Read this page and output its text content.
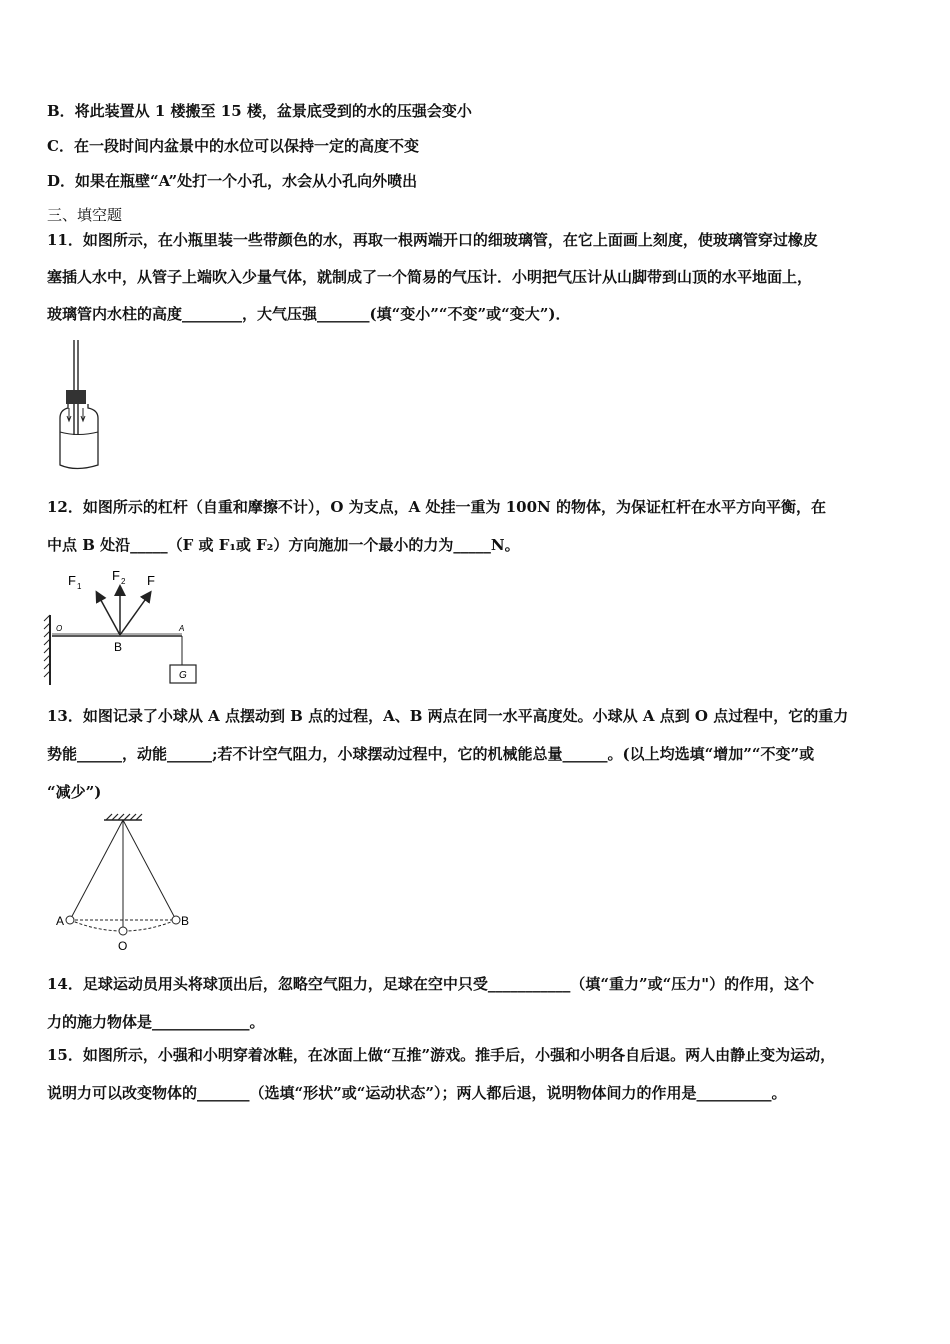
B．将此装置从 1 楼搬至 15 楼，盆景底受到的水的压强会变小
C．在一段时间内盆景中的水位可以保持一定的高度不变
D．如果在瓶壁“A”处打一个小孔，水会从小孔向外喷出
三、填空题
11．如图所示，在小瓶里装一些带颜色的水，再取一根两端开口的细玻璃管，在它上面画上刻度，使玻璃管穿过橡皮
塞插人水中，从管子上端吹入少量气体，就制成了一个简易的气压计．小明把气压计从山脚带到山顶的水平地面上，
玻璃管内水柱的高度________，大气压强_______(填“变小”“不变”或“变大”)．
12．如图所示的杠杆（自重和摩擦不计），O 为支点，A 处挂一重为 100N 的物体，为保证杠杆在水平方向平衡，在
中点 B 处沿_____（F 或 F₁或 F₂）方向施加一个最小的力为_____N。
F 1
F 2 F
O
B
A
G
13．如图记录了小球从 A 点摆动到 B 点的过程，A、B 两点在同一水平高度处。小球从 A 点到 O 点过程中，它的重力
势能______，动能______;若不计空气阻力，小球摆动过程中，它的机械能总量______。(以上均选填“增加”“不变”或
“减少”)
A	B
O
14．足球运动员用头将球顶出后，忽略空气阻力，足球在空中只受___________（填“重力”或“压力"）的作用，这个
力的施力物体是_____________。
15．如图所示，小强和小明穿着冰鞋，在冰面上做“互推”游戏。推手后，小强和小明各自后退。两人由静止变为运动，
说明力可以改变物体的_______（选填“形状”或“运动状态”）；两人都后退，说明物体间力的作用是__________。
